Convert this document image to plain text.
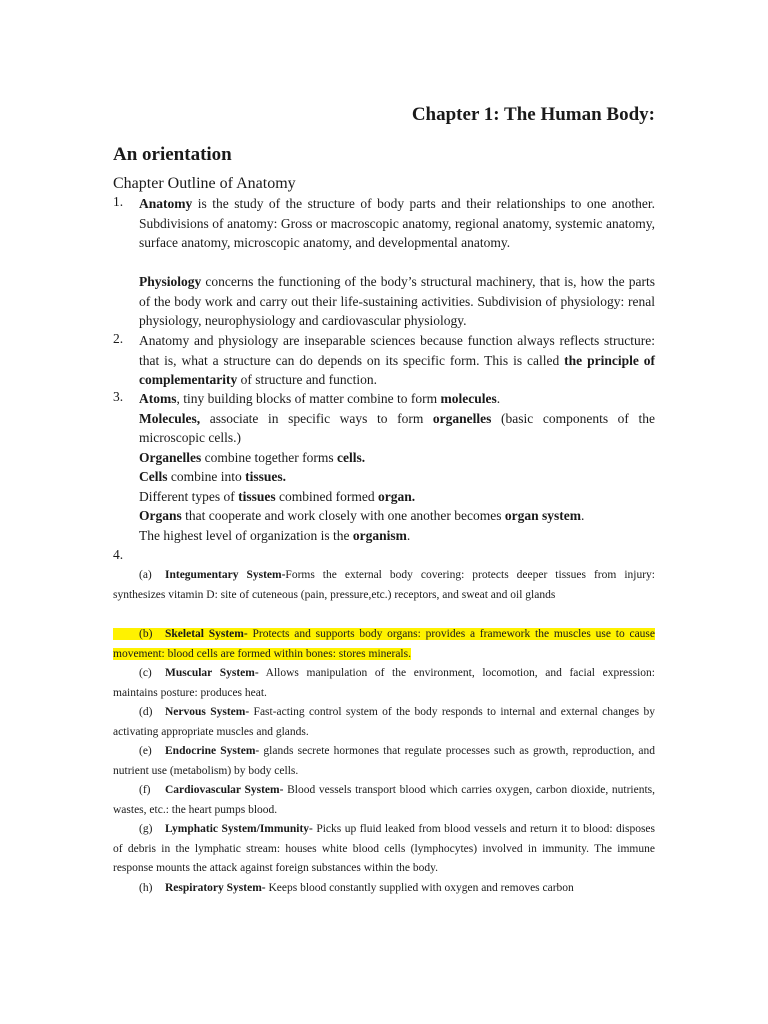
Chapter 1: The Human Body:
An orientation
Chapter Outline of Anatomy
1. Anatomy is the study of the structure of body parts and their relationships to one another. Subdivisions of anatomy: Gross or macroscopic anatomy, regional anatomy, systemic anatomy, surface anatomy, microscopic anatomy, and developmental anatomy.
Physiology concerns the functioning of the body’s structural machinery, that is, how the parts of the body work and carry out their life-sustaining activities. Subdivision of physiology: renal physiology, neurophysiology and cardiovascular physiology.
2. Anatomy and physiology are inseparable sciences because function always reflects structure: that is, what a structure can do depends on its specific form. This is called the principle of complementarity of structure and function.
3. Atoms, tiny building blocks of matter combine to form molecules.
Molecules, associate in specific ways to form organelles (basic components of the microscopic cells.)
Organelles combine together forms cells.
Cells combine into tissues.
Different types of tissues combined formed organ.
Organs that cooperate and work closely with one another becomes organ system.
The highest level of organization is the organism.
4.
(a) Integumentary System-Forms the external body covering: protects deeper tissues from injury: synthesizes vitamin D: site of cuteneous (pain, pressure,etc.) receptors, and sweat and oil glands
(b) Skeletal System- Protects and supports body organs: provides a framework the muscles use to cause movement: blood cells are formed within bones: stores minerals.
(c) Muscular System- Allows manipulation of the environment, locomotion, and facial expression: maintains posture: produces heat.
(d) Nervous System- Fast-acting control system of the body responds to internal and external changes by activating appropriate muscles and glands.
(e) Endocrine System- glands secrete hormones that regulate processes such as growth, reproduction, and nutrient use (metabolism) by body cells.
(f) Cardiovascular System- Blood vessels transport blood which carries oxygen, carbon dioxide, nutrients, wastes, etc.: the heart pumps blood.
(g) Lymphatic System/Immunity- Picks up fluid leaked from blood vessels and return it to blood: disposes of debris in the lymphatic stream: houses white blood cells (lymphocytes) involved in immunity. The immune response mounts the attack against foreign substances within the body.
(h) Respiratory System- Keeps blood constantly supplied with oxygen and removes carbon
